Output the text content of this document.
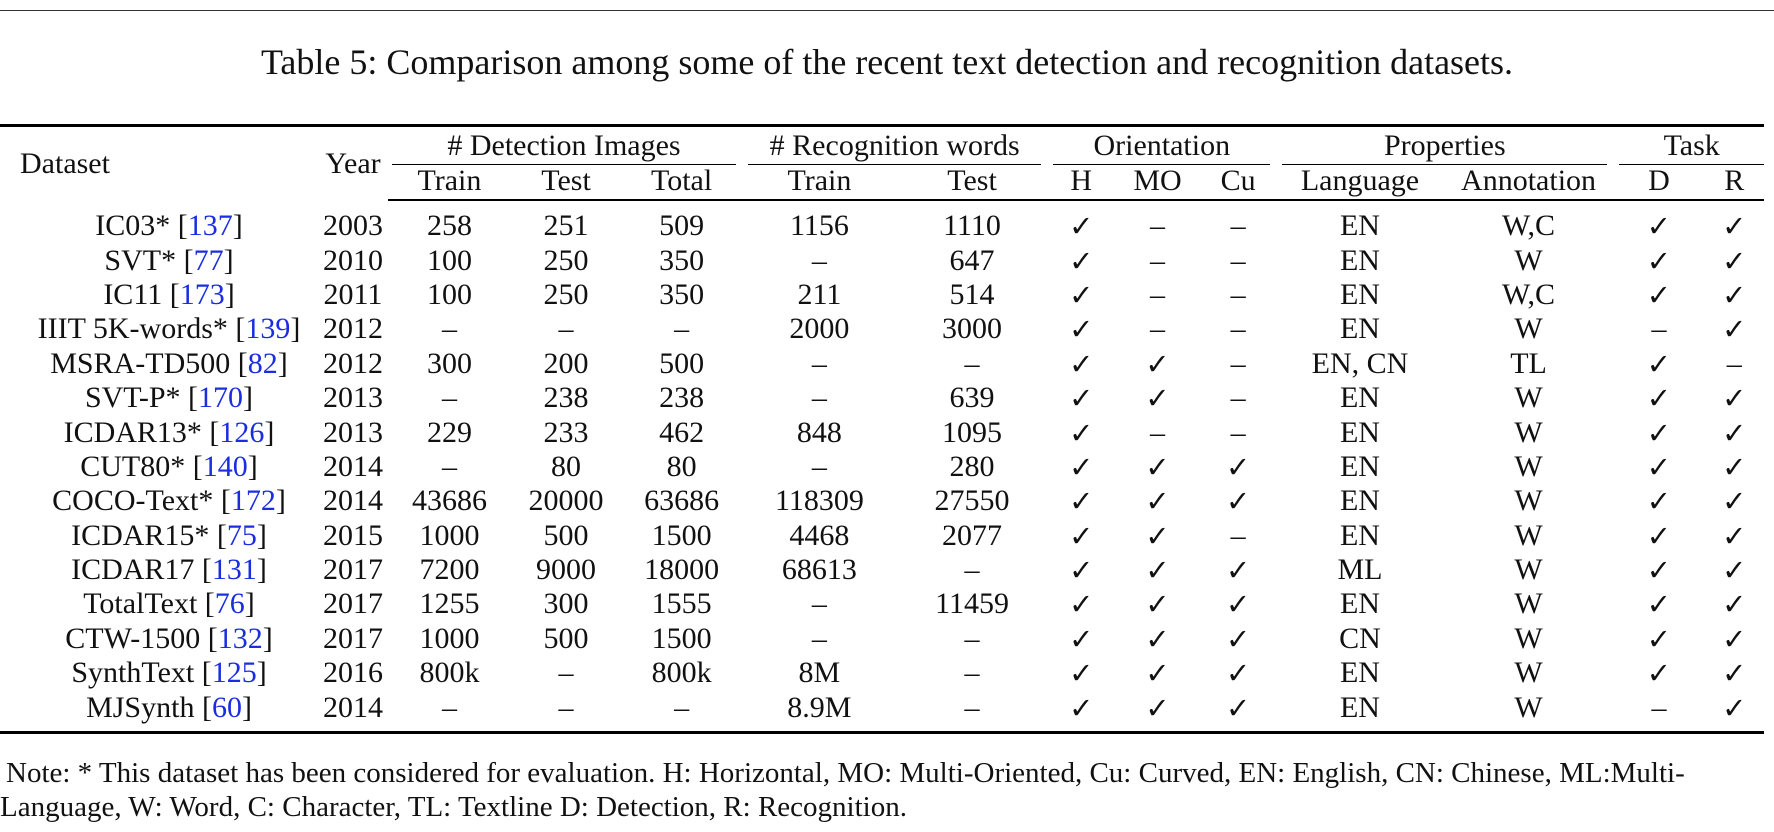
Table 5: Comparison among some of the recent text detection and recognition datasets.
Dataset	Year	# Detection Images			# Recognition words		Orientation			Properties		Task	

		Train	Test	Total	Train	Test	H	MO	Cu	Language	Annotation	D	R
IC03* [137]	2003	258	251	509	1156	1110	✓	–	–	EN	W,C	✓	✓
SVT* [77]	2010	100	250	350	–	647	✓	–	–	EN	W	✓	✓
IC11 [173]	2011	100	250	350	211	514	✓	–	–	EN	W,C	✓	✓
IIIT 5K-words* [139]	2012	–	–	–	2000	3000	✓	–	–	EN	W	–	✓
MSRA-TD500 [82]	2012	300	200	500	–	–	✓	✓	–	EN, CN	TL	✓	–
SVT-P* [170]	2013	–	238	238	–	639	✓	✓	–	EN	W	✓	✓
ICDAR13* [126]	2013	229	233	462	848	1095	✓	–	–	EN	W	✓	✓
CUT80* [140]	2014	–	80	80	–	280	✓	✓	✓	EN	W	✓	✓
COCO-Text* [172]	2014	43686	20000	63686	118309	27550	✓	✓	✓	EN	W	✓	✓
ICDAR15* [75]	2015	1000	500	1500	4468	2077	✓	✓	–	EN	W	✓	✓
ICDAR17 [131]	2017	7200	9000	18000	68613	–	✓	✓	✓	ML	W	✓	✓
TotalText [76]	2017	1255	300	1555	–	11459	✓	✓	✓	EN	W	✓	✓
CTW-1500 [132]	2017	1000	500	1500	–	–	✓	✓	✓	CN	W	✓	✓
SynthText [125]	2016	800k	–	800k	8M	–	✓	✓	✓	EN	W	✓	✓
MJSynth [60]	2014	–	–	–	8.9M	–	✓	✓	✓	EN	W	–	✓

Note: * This dataset has been considered for evaluation. H: Horizontal, MO: Multi-Oriented, Cu: Curved, EN: English, CN: Chinese, ML:Multi-
Language, W: Word, C: Character, TL: Textline D: Detection, R: Recognition.
